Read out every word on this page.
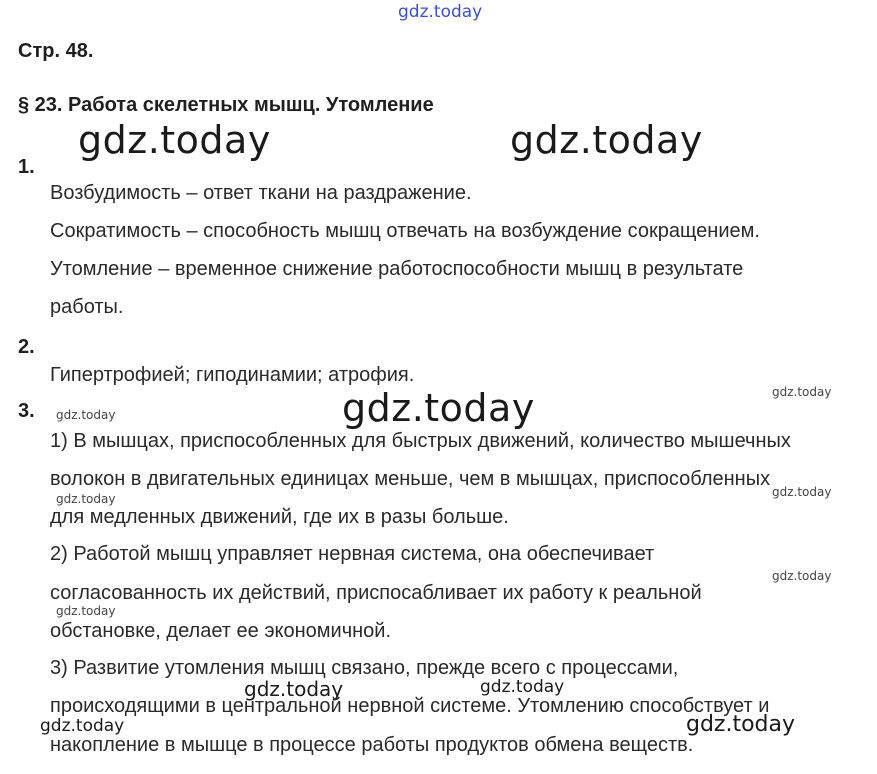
gdz.today
gdz.today	gdz.today
gdz.today	gdz.today
gdz.today
gdz.today
gdz.today
gdz.today
gdz.today
gdz.today	gdz.today
gdz.today	gdz.today
Стр. 48.
§ 23. Работа скелетных мышц. Утомление
1.
Возбудимость – ответ ткани на раздражение.
Сократимость – способность мышц отвечать на возбуждение сокращением.
Утомление – временное снижение работоспособности мышц в результате
работы.
2.
Гипертрофией; гиподинамии; атрофия.
3.
1) В мышцах, приспособленных для быстрых движений, количество мышечных
волокон в двигательных единицах меньше, чем в мышцах, приспособленных
для медленных движений, где их в разы больше.
2) Работой мышц управляет нервная система, она обеспечивает
согласованность их действий, приспосабливает их работу к реальной
обстановке, делает ее экономичной.
3) Развитие утомления мышц связано, прежде всего с процессами,
происходящими в центральной нервной системе. Утомлению способствует и
накопление в мышце в процессе работы продуктов обмена веществ.
